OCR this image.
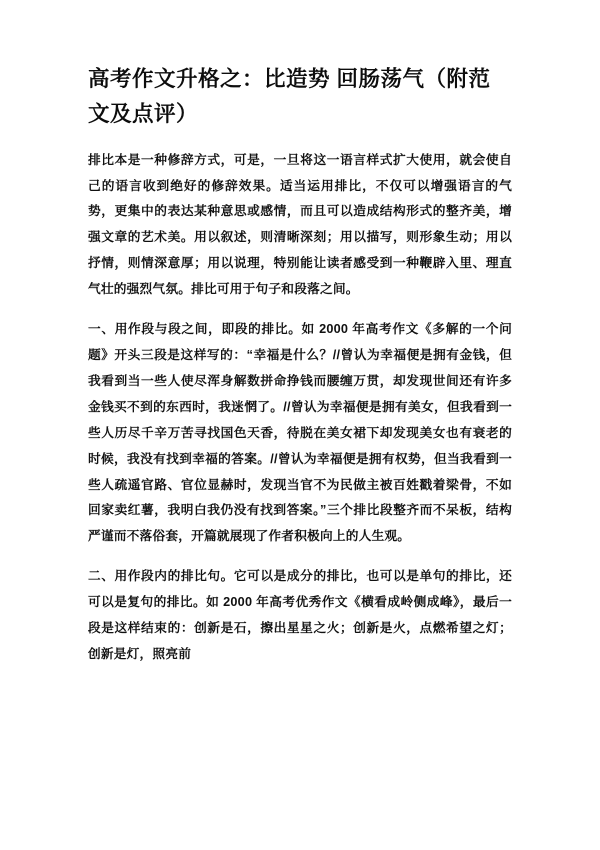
高考作文升格之：比造势 回肠荡气（附范文及点评）

排比本是一种修辞方式，可是，一旦将这一语言样式扩大使用，就会使自己的语言收到绝好的修辞效果。适当运用排比，不仅可以增强语言的气势，更集中的表达某种意思或感情，而且可以造成结构形式的整齐美，增强文章的艺术美。用以叙述，则清晰深刻；用以描写，则形象生动；用以抒情，则情深意厚；用以说理，特别能让读者感受到一种鞭辟入里、理直气壮的强烈气氛。排比可用于句子和段落之间。

一、用作段与段之间，即段的排比。如 2000 年高考作文《多解的一个问题》开头三段是这样写的：“幸福是什么？//曾认为幸福便是拥有金钱，但我看到当一些人使尽浑身解数拼命挣钱而腰缠万贯，却发现世间还有许多金钱买不到的东西时，我迷惘了。//曾认为幸福便是拥有美女，但我看到一些人历尽千辛万苦寻找国色天香，待脱在美女裙下却发现美女也有衰老的时候，我没有找到幸福的答案。//曾认为幸福便是拥有权势，但当我看到一些人疏遥官路、官位显赫时，发现当官不为民做主被百姓戳着梁骨，不如回家卖红薯，我明白我仍没有找到答案。”三个排比段整齐而不呆板，结构严谨而不落俗套，开篇就展现了作者积极向上的人生观。

二、用作段内的排比句。它可以是成分的排比，也可以是单句的排比，还可以是复句的排比。如 2000 年高考优秀作文《横看成岭侧成峰》，最后一段是这样结束的：创新是石，擦出星星之火；创新是火，点燃希望之灯；创新是灯，照亮前
